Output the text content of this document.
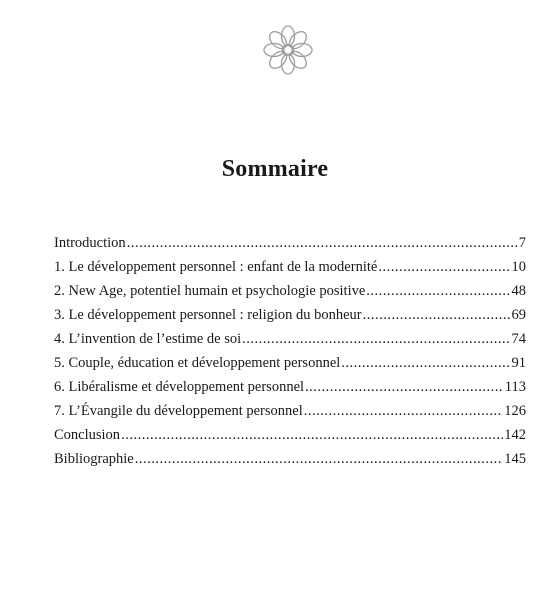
Sommaire
Introduction .....	7
1. Le développement personnel : enfant de la modernité .....	10
2. New Age, potentiel humain et psychologie positive .....	48
3. Le développement personnel : religion du bonheur .....	69
4. L’invention de l’estime de soi .....	74
5. Couple, éducation et développement personnel .....	91
6. Libéralisme et développement personnel .....	113
7. L’Évangile du développement personnel .....	126
Conclusion .....	142
Bibliographie .....	145
